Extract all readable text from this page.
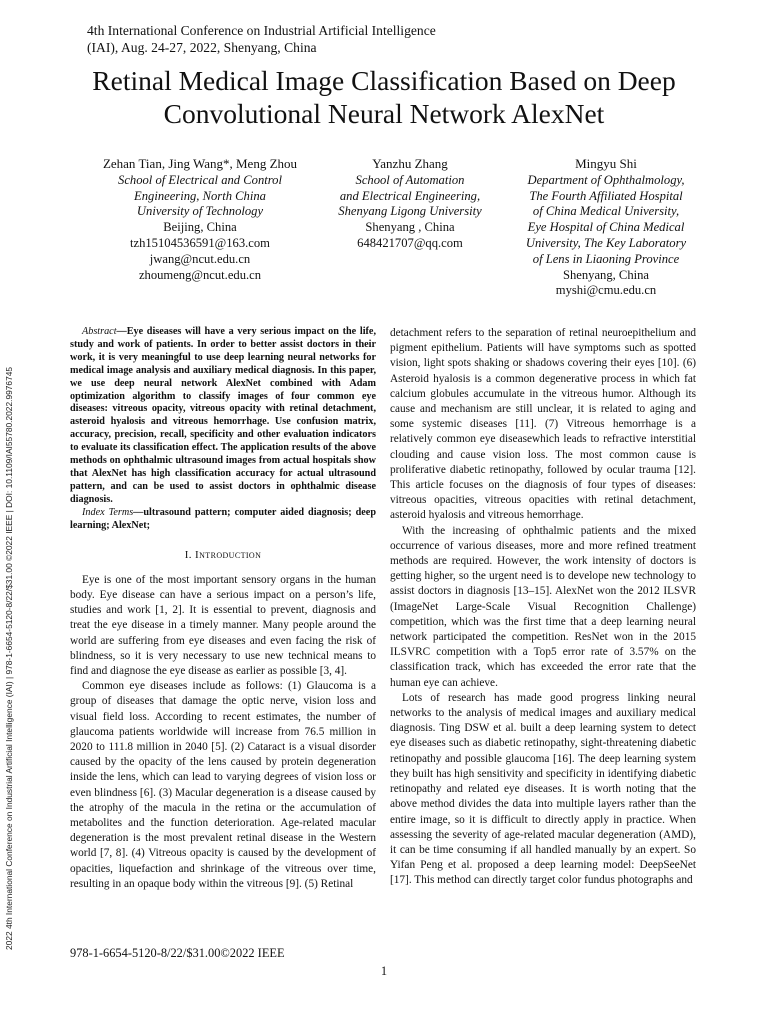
4th International Conference on Industrial Artificial Intelligence (IAI), Aug. 24-27, 2022, Shenyang, China
Retinal Medical Image Classification Based on Deep Convolutional Neural Network AlexNet
Zehan Tian, Jing Wang*, Meng Zhou
School of Electrical and Control
Engineering, North China
University of Technology
Beijing, China
tzh15104536591@163.com
jwang@ncut.edu.cn
zhoumeng@ncut.edu.cn
Yanzhu Zhang
School of Automation
and Electrical Engineering,
Shenyang Ligong University
Shenyang , China
648421707@qq.com
Mingyu Shi
Department of Ophthalmology,
The Fourth Affiliated Hospital
of China Medical University,
Eye Hospital of China Medical
University, The Key Laboratory
of Lens in Liaoning Province
Shenyang, China
myshi@cmu.edu.cn
2022 4th International Conference on Industrial Artificial Intelligence (IAI) | 978-1-6654-5120-8/22/$31.00 ©2022 IEEE | DOI: 10.1109/IAI55780.2022.9976745

Abstract—Eye diseases will have a very serious impact on the life, study and work of patients. In order to better assist doctors in their work, it is very meaningful to use deep learning neural networks for medical image analysis and auxiliary medical diagnosis. In this paper, we use deep neural network AlexNet combined with Adam optimization algorithm to classify images of four common eye diseases: vitreous opacity, vitreous opacity with retinal detachment, asteroid hyalosis and vitreous hemorrhage. Use confusion matrix, accuracy, precision, recall, specificity and other evaluation indicators to evaluate its classification effect. The application results of the above methods on ophthalmic ultrasound images from actual hospitals show that AlexNet has high classification accuracy for actual ultrasound pattern, and can be used to assist doctors in ophthalmic disease diagnosis.

Index Terms—ultrasound pattern; computer aided diagnosis; deep learning; AlexNet;

I. Introduction

Eye is one of the most important sensory organs in the human body. Eye disease can have a serious impact on a person’s life, studies and work [1, 2]. It is essential to prevent, diagnosis and treat the eye disease in a timely manner. Many people around the world are suffering from eye diseases and even facing the risk of blindness, so it is very necessary to use new technical means to find and diagnose the eye disease as earlier as possible [3, 4].

Common eye diseases include as follows: (1) Glaucoma is a group of diseases that damage the optic nerve, vision loss and visual field loss. According to recent estimates, the number of glaucoma patients worldwide will increase from 76.5 million in 2020 to 111.8 million in 2040 [5]. (2) Cataract is a visual disorder caused by the opacity of the lens caused by protein degeneration inside the lens, which can lead to varying degrees of vision loss or even blindness [6]. (3) Macular degeneration is a disease caused by the atrophy of the macula in the retina or the accumulation of metabolites and the function deterioration. Age-related macular degeneration is the most prevalent retinal disease in the Western world [7, 8]. (4) Vitreous opacity is caused by the development of opacities, liquefaction and shrinkage of the vitreous over time, resulting in an opaque body within the vitreous [9]. (5) Retinal

detachment refers to the separation of retinal neuroepithelium and pigment epithelium. Patients will have symptoms such as spotted vision, light spots shaking or shadows covering their eyes [10]. (6) Asteroid hyalosis is a common degenerative process in which fat calcium globules accumulate in the vitreous humor. Although its cause and mechanism are still unclear, it is related to aging and some systemic diseases [11]. (7) Vitreous hemorrhage is a relatively common eye diseasewhich leads to refractive interstitial clouding and cause vision loss. The most common cause is proliferative diabetic retinopathy, followed by ocular trauma [12]. This article focuses on the diagnosis of four types of diseases: vitreous opacities, vitreous opacities with retinal detachment, asteroid hyalosis and vitreous hemorrhage.

With the increasing of ophthalmic patients and the mixed occurrence of various diseases, more and more refined treatment methods are required. However, the work intensity of doctors is getting higher, so the urgent need is to develope new technology to assist doctors in diagnosis [13–15]. AlexNet won the 2012 ILSVR (ImageNet Large-Scale Visual Recognition Challenge) competition, which was the first time that a deep learning neural network participated the competition. ResNet won in the 2015 ILSVRC competition with a Top5 error rate of 3.57% on the classification track, which has exceeded the error rate that the human eye can achieve.

Lots of research has made good progress linking neural networks to the analysis of medical images and auxiliary medical diagnosis. Ting DSW et al. built a deep learning system to detect eye diseases such as diabetic retinopathy, sight-threatening diabetic retinopathy and possible glaucoma [16]. The deep learning system they built has high sensitivity and specificity in identifying diabetic retinopathy and related eye diseases. It is worth noting that the above method divides the data into multiple layers rather than the entire image, so it is difficult to directly apply in practice. When assessing the severity of age-related macular degeneration (AMD), it can be time consuming if all handled manually by an expert. So Yifan Peng et al. proposed a deep learning model: DeepSeeNet [17]. This method can directly target color fundus photographs and

978-1-6654-5120-8/22/$31.00©2022 IEEE
1
